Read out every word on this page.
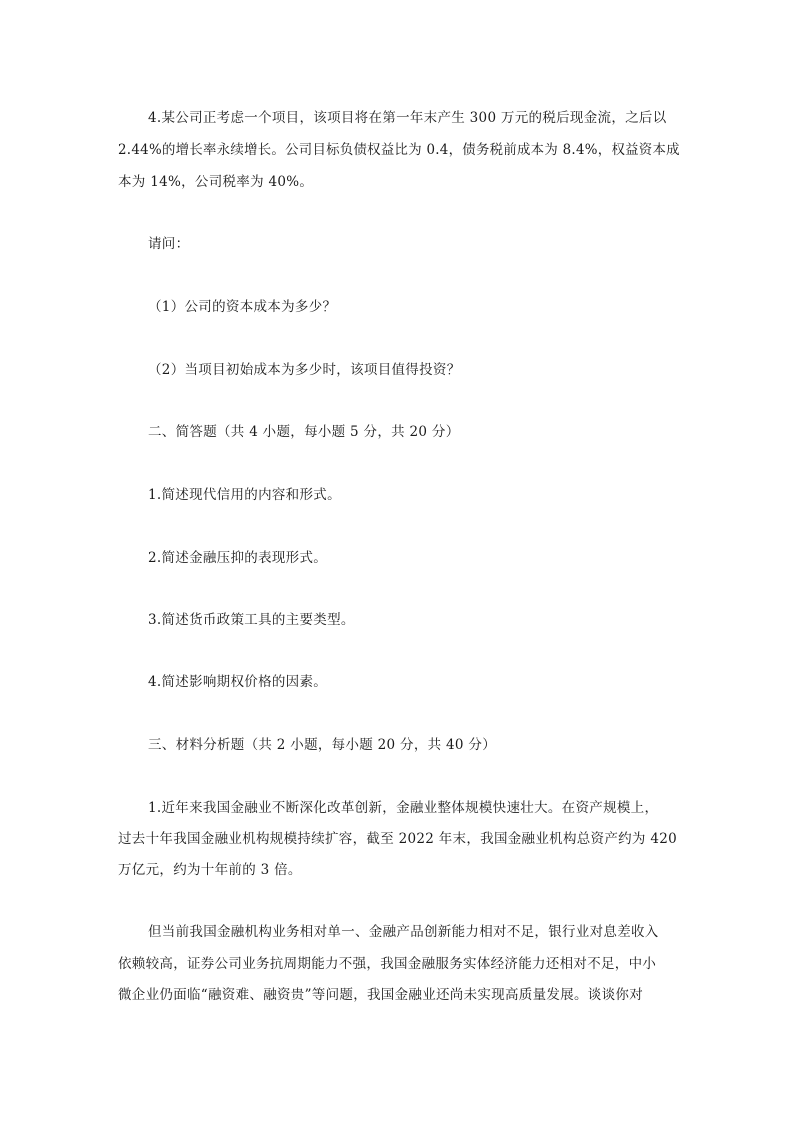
4.某公司正考虑一个项目，该项目将在第一年末产生 300 万元的税后现金流，之后以
2.44%的增长率永续增长。公司目标负债权益比为 0.4，债务税前成本为 8.4%，权益资本成
本为 14%，公司税率为 40%。
请问：
（1）公司的资本成本为多少？
（2）当项目初始成本为多少时，该项目值得投资？
二、简答题（共 4 小题，每小题 5 分，共 20 分）
1.简述现代信用的内容和形式。
2.简述金融压抑的表现形式。
3.简述货币政策工具的主要类型。
4.简述影响期权价格的因素。
三、材料分析题（共 2 小题，每小题 20 分，共 40 分）
1.近年来我国金融业不断深化改革创新，金融业整体规模快速壮大。在资产规模上，
过去十年我国金融业机构规模持续扩容，截至 2022 年末，我国金融业机构总资产约为 420
万亿元，约为十年前的 3 倍。
但当前我国金融机构业务相对单一、金融产品创新能力相对不足，银行业对息差收入
依赖较高，证券公司业务抗周期能力不强，我国金融服务实体经济能力还相对不足，中小
微企业仍面临“融资难、融资贵”等问题，我国金融业还尚未实现高质量发展。谈谈你对
